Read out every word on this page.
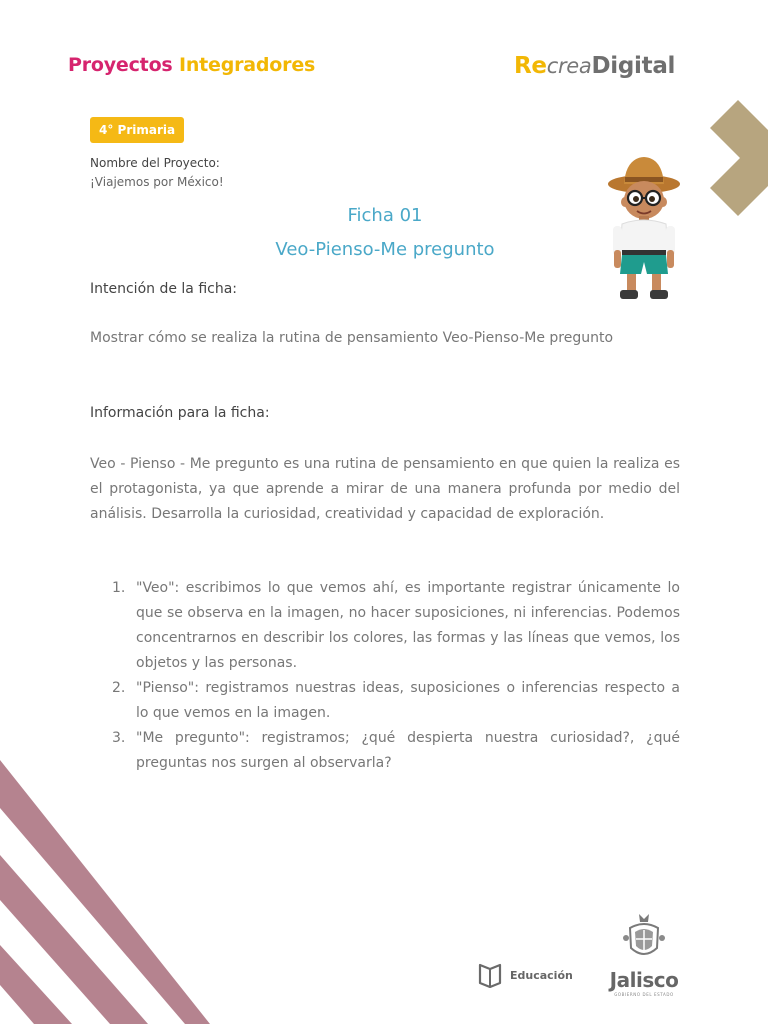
Proyectos Integradores	RecreaDigital
4° Primaria
Nombre del Proyecto:
¡Viajemos por México!
Ficha 01
Veo-Pienso-Me pregunto
Intención de la ficha:
Mostrar cómo se realiza la rutina de pensamiento Veo-Pienso-Me pregunto
Información para la ficha:
Veo - Pienso - Me pregunto es una rutina de pensamiento en que quien la realiza es el protagonista, ya que aprende a mirar de una manera profunda por medio del análisis. Desarrolla la curiosidad, creatividad y capacidad de exploración.
1. "Veo": escribimos lo que vemos ahí, es importante registrar únicamente lo que se observa en la imagen, no hacer suposiciones, ni inferencias. Podemos concentrarnos en describir los colores, las formas y las líneas que vemos, los objetos y las personas.
2. "Pienso": registramos nuestras ideas, suposiciones o inferencias respecto a lo que vemos en la imagen.
3. "Me pregunto": registramos; ¿qué despierta nuestra curiosidad?, ¿qué preguntas nos surgen al observarla?
Educación Jalisco
GOBIERNO DEL ESTADO
